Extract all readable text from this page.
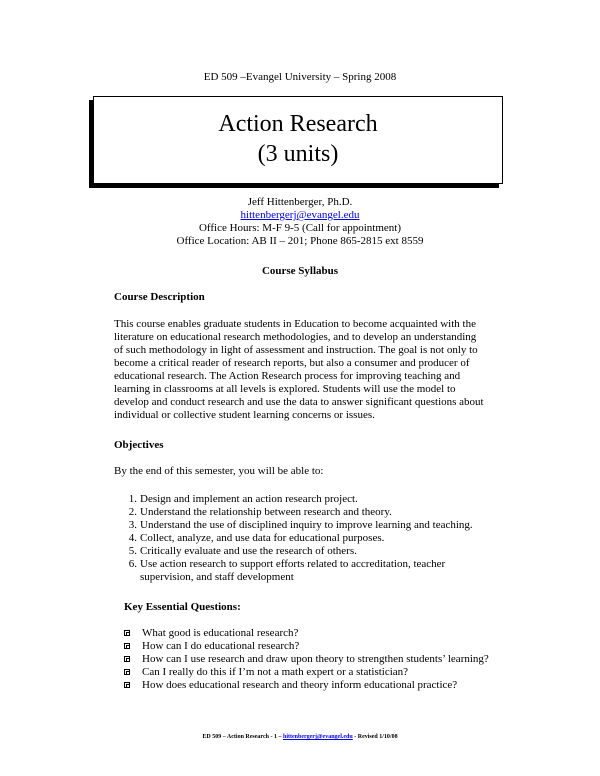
ED 509 –Evangel University – Spring 2008
Action Research
(3 units)
Jeff Hittenberger, Ph.D.
hittenbergerj@evangel.edu
Office Hours: M-F 9-5 (Call for appointment)
Office Location: AB II – 201; Phone 865-2815 ext 8559
Course Syllabus
Course Description
This course enables graduate students in Education to become acquainted with the
literature on educational research methodologies, and to develop an understanding
of such methodology in light of assessment and instruction. The goal is not only to
become a critical reader of research reports, but also a consumer and producer of
educational research. The Action Research process for improving teaching and
learning in classrooms at all levels is explored. Students will use the model to
develop and conduct research and use the data to answer significant questions about
individual or collective student learning concerns or issues.
Objectives
By the end of this semester, you will be able to:
1. Design and implement an action research project.
2. Understand the relationship between research and theory.
3. Understand the use of disciplined inquiry to improve learning and teaching.
4. Collect, analyze, and use data for educational purposes.
5. Critically evaluate and use the research of others.
6. Use action research to support efforts related to accreditation, teacher
supervision, and staff development
Key Essential Questions:
What good is educational research?
How can I do educational research?
How can I use research and draw upon theory to strengthen students’ learning?
Can I really do this if I’m not a math expert or a statistician?
How does educational research and theory inform educational practice?
ED 509 – Action Research - 1 – hittenbergerj@evangel.edu - Revised 1/10/08
